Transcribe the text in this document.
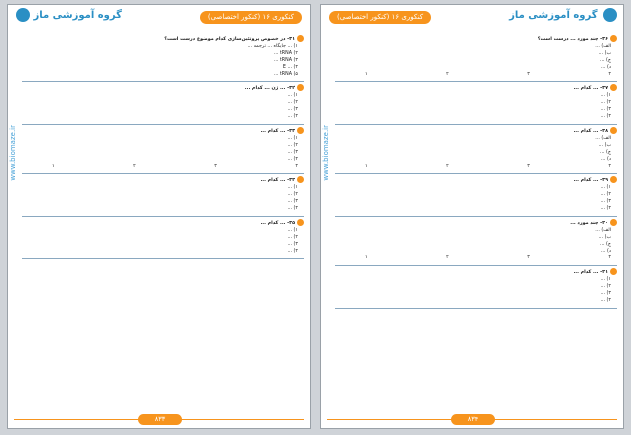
گروه آموزشی ماز	کنکور‌ی ۱۶ (کنکور اختصاصی)
www.biomaze.ir
۳۱- در خصوص پروتئین‌سازی کدام موضوع درست است؟
۱) ... جایگاه ... ترجمه ...
۲) tRNA ...
۳) tRNA ...
۴) ... E
۵) tRNA ...
۳۲- ... ژن ... کدام ...
۱) ...
۲) ...
۳) ...
۴) ...
۳۳- ... کدام ...
۱) ...
۲) ...
۳) ...
۴) ...
۱	۲	۳	۴
۳۴- ... کدام ...
۱) ...
۲) ...
۳) ...
۴) ...
۳۵- ... کدام ...
۱) ...
۲) ...
۳) ...
۴) ...
۸۳۳
کنکور‌ی ۱۶ (کنکور اختصاصی)	گروه آموزشی ماز
www.biomaze.ir
۳۶- چند مورد ... درست است؟
الف) ...
ب) ...
ج) ...
د) ...
۱	۲	۳	۴
۳۷- ... کدام ...
۱) ...
۲) ...
۳) ...
۴) ...
۳۸- ... کدام ...
الف) ...
ب) ...
ج) ...
د) ...
۱	۲	۳	۴
۳۹- ... کدام ...
۱) ...
۲) ...
۳) ...
۴) ...
۴۰- چند مورد ...
الف) ...
ب) ...
ج) ...
د) ...
۱	۲	۳	۴
۴۱- ... کدام ...
۱) ...
۲) ...
۳) ...
۴) ...
۸۳۴
